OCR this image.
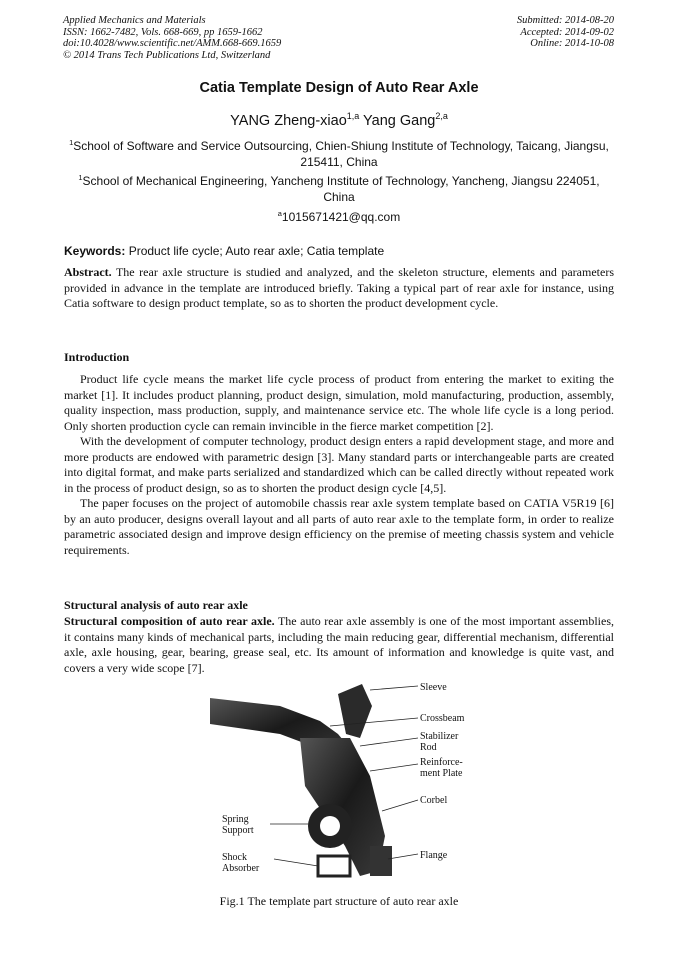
Applied Mechanics and Materials
ISSN: 1662-7482, Vols. 668-669, pp 1659-1662
doi:10.4028/www.scientific.net/AMM.668-669.1659
© 2014 Trans Tech Publications Ltd, Switzerland
Submitted: 2014-08-20
Accepted: 2014-09-02
Online: 2014-10-08
Catia Template Design of Auto Rear Axle
YANG Zheng-xiao$^{1,a}$ Yang Gang$^{2,a}$
$^1$School of Software and Service Outsourcing, Chien-Shiung Institute of Technology, Taicang, Jiangsu, 215411, China
$^1$School of Mechanical Engineering, Yancheng Institute of Technology, Yancheng, Jiangsu 224051, China
$^a$1015671421@qq.com
Keywords: Product life cycle; Auto rear axle; Catia template
Abstract. The rear axle structure is studied and analyzed, and the skeleton structure, elements and parameters provided in advance in the template are introduced briefly. Taking a typical part of rear axle for instance, using Catia software to design product template, so as to shorten the product development cycle.
Introduction

Product life cycle means the market life cycle process of product from entering the market to exiting the market [1]. It includes product planning, product design, simulation, mold manufacturing, production, assembly, quality inspection, mass production, supply, and maintenance service etc. The whole life cycle is a long period. Only shorten production cycle can remain invincible in the fierce market competition [2].

With the development of computer technology, product design enters a rapid development stage, and more and more products are endowed with parametric design [3]. Many standard parts or interchangeable parts are created into digital format, and make parts serialized and standardized which can be called directly without repeated work in the process of product design, so as to shorten the product design cycle [4,5].

The paper focuses on the project of automobile chassis rear axle system template based on CATIA V5R19 [6] by an auto producer, designs overall layout and all parts of auto rear axle to the template form, in order to realize parametric associated design and improve design efficiency on the premise of meeting chassis system and vehicle requirements.

Structural analysis of auto rear axle
Structural composition of auto rear axle. The auto rear axle assembly is one of the most important assemblies, it contains many kinds of mechanical parts, including the main reducing gear, differential mechanism, differential axle, axle housing, gear, bearing, grease seal, etc. Its amount of information and knowledge is quite vast, and covers a very wide scope [7].
Sleeve
Crossbeam
Stabilizer Rod
Reinforce-ment Plate
Corbel
Spring Support
Shock Absorber
Flange
Fig.1 The template part structure of auto rear axle
